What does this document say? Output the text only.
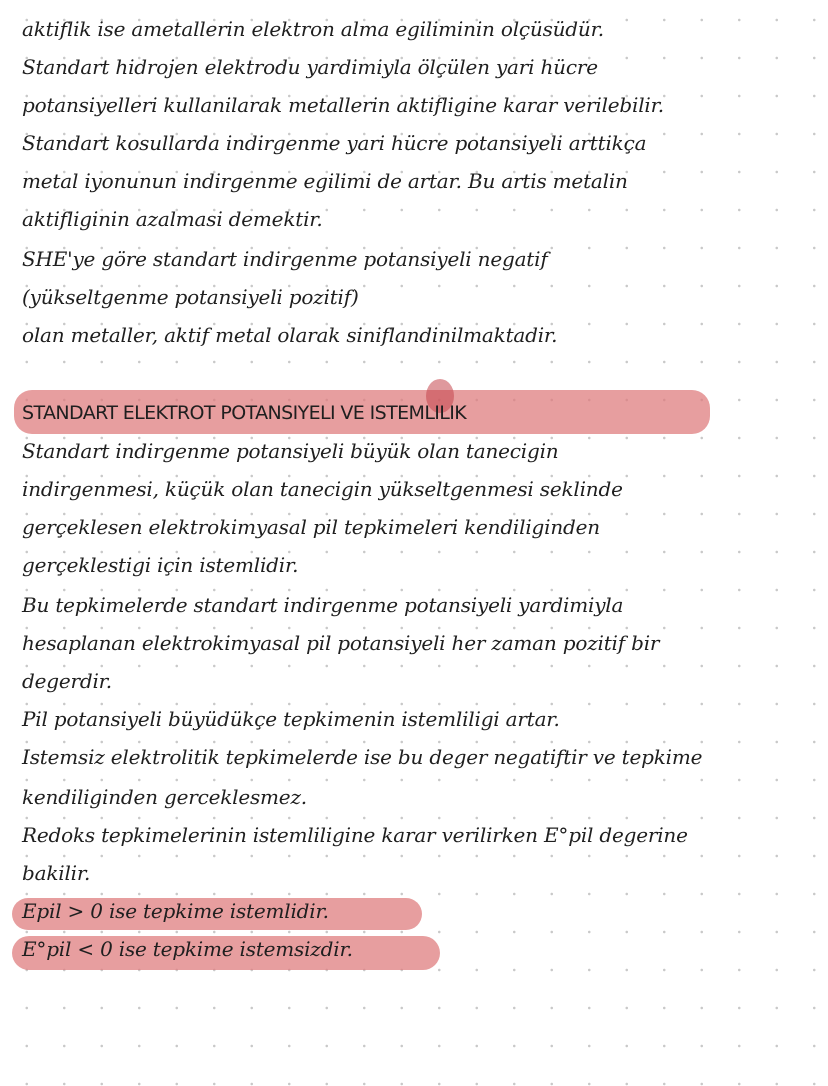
aktiflik ise ametallerin elektron alma egiliminin olçüsüdür.
Standart hidrojen elektrodu yardimiyla ölçülen yari hücre
potansiyelleri kullanilarak metallerin aktifligine karar verilebilir.
Standart kosullarda indirgenme yari hücre potansiyeli arttikça
metal iyonunun indirgenme egilimi de artar. Bu artis metalin
aktifliginin azalmasi demektir.
SHE'ye göre standart indirgenme potansiyeli negatif
(yükseltgenme potansiyeli pozitif)
olan metaller, aktif metal olarak siniflandinilmaktadir.
STANDART ELEKTROT POTANSIYELI VE ISTEMLILIK
Standart indirgenme potansiyeli büyük olan tanecigin
indirgenmesi, küçük olan tanecigin yükseltgenmesi seklinde
gerçeklesen elektrokimyasal pil tepkimeleri kendiliginden
gerçeklestigi için istemlidir.
Bu tepkimelerde standart indirgenme potansiyeli yardimiyla
hesaplanan elektrokimyasal pil potansiyeli her zaman pozitif bir
degerdir.
Pil potansiyeli büyüdükçe tepkimenin istemliligi artar.
Istemsiz elektrolitik tepkimelerde ise bu deger negatiftir ve tepkime
kendiliginden gerceklesmez.
Redoks tepkimelerinin istemliligine karar verilirken E°pil degerine
bakilir.
Epil > 0 ise tepkime istemlidir.
E°pil < 0 ise tepkime istemsizdir.
